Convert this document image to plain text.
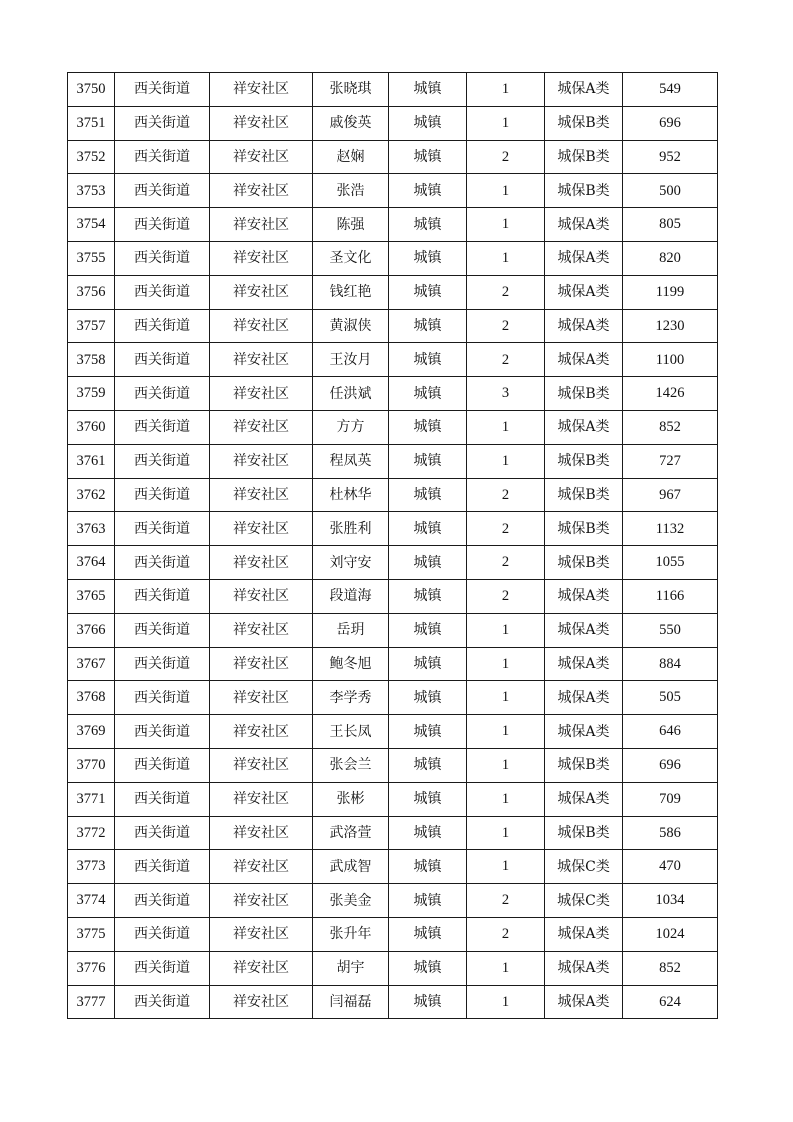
3750	西关街道	祥安社区	张晓琪	城镇	1	城保A类	549
3751	西关街道	祥安社区	戚俊英	城镇	1	城保B类	696
3752	西关街道	祥安社区	赵娴	城镇	2	城保B类	952
3753	西关街道	祥安社区	张浩	城镇	1	城保B类	500
3754	西关街道	祥安社区	陈强	城镇	1	城保A类	805
3755	西关街道	祥安社区	圣文化	城镇	1	城保A类	820
3756	西关街道	祥安社区	钱红艳	城镇	2	城保A类	1199
3757	西关街道	祥安社区	黄淑侠	城镇	2	城保A类	1230
3758	西关街道	祥安社区	王汝月	城镇	2	城保A类	1100
3759	西关街道	祥安社区	任洪斌	城镇	3	城保B类	1426
3760	西关街道	祥安社区	方方	城镇	1	城保A类	852
3761	西关街道	祥安社区	程凤英	城镇	1	城保B类	727
3762	西关街道	祥安社区	杜林华	城镇	2	城保B类	967
3763	西关街道	祥安社区	张胜利	城镇	2	城保B类	1132
3764	西关街道	祥安社区	刘守安	城镇	2	城保B类	1055
3765	西关街道	祥安社区	段道海	城镇	2	城保A类	1166
3766	西关街道	祥安社区	岳玥	城镇	1	城保A类	550
3767	西关街道	祥安社区	鲍冬旭	城镇	1	城保A类	884
3768	西关街道	祥安社区	李学秀	城镇	1	城保A类	505
3769	西关街道	祥安社区	王长凤	城镇	1	城保A类	646
3770	西关街道	祥安社区	张会兰	城镇	1	城保B类	696
3771	西关街道	祥安社区	张彬	城镇	1	城保A类	709
3772	西关街道	祥安社区	武洛萱	城镇	1	城保B类	586
3773	西关街道	祥安社区	武成智	城镇	1	城保C类	470
3774	西关街道	祥安社区	张美金	城镇	2	城保C类	1034
3775	西关街道	祥安社区	张升年	城镇	2	城保A类	1024
3776	西关街道	祥安社区	胡宇	城镇	1	城保A类	852
3777	西关街道	祥安社区	闫福磊	城镇	1	城保A类	624
